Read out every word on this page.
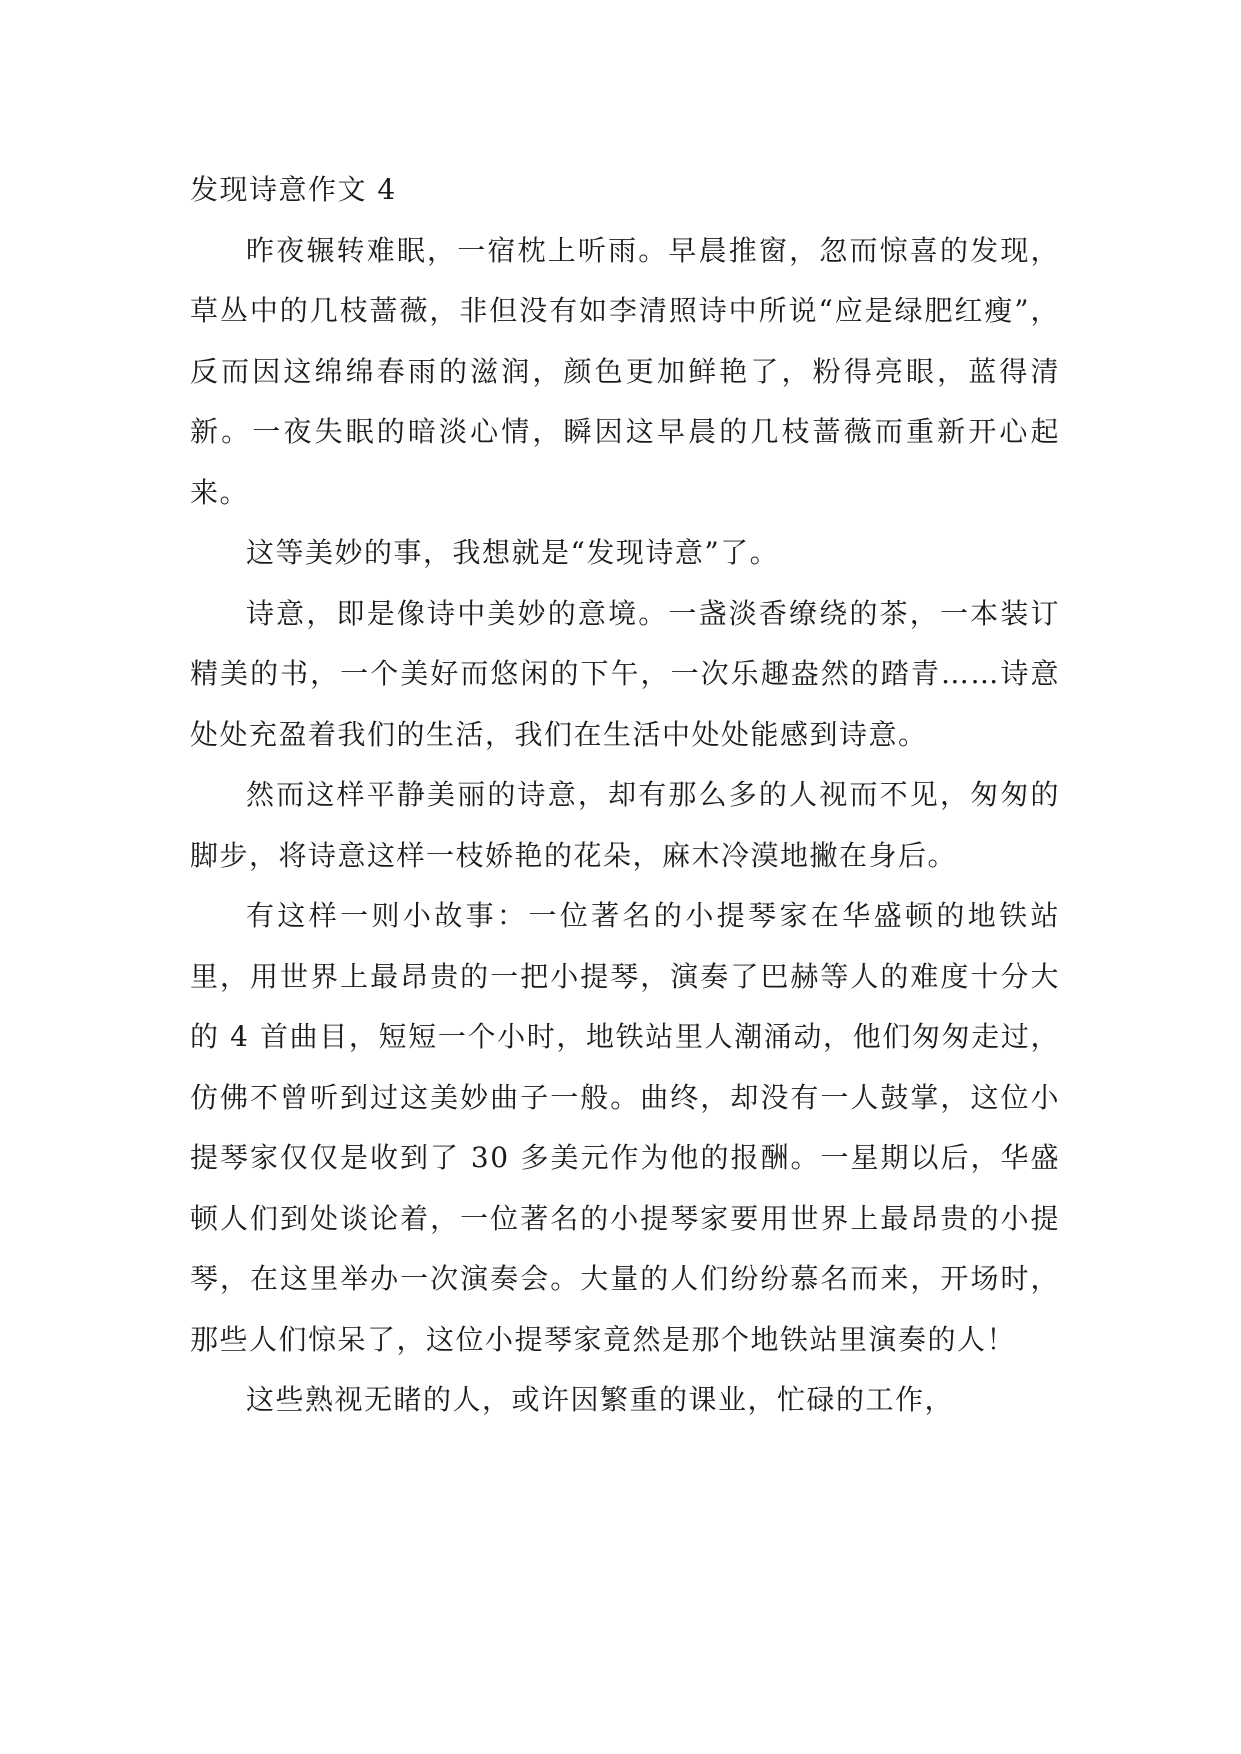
发现诗意作文 4

昨夜辗转难眠，一宿枕上听雨。早晨推窗，忽而惊喜的发现，草丛中的几枝蔷薇，非但没有如李清照诗中所说“应是绿肥红瘦”，反而因这绵绵春雨的滋润，颜色更加鲜艳了，粉得亮眼，蓝得清新。一夜失眠的暗淡心情，瞬因这早晨的几枝蔷薇而重新开心起来。

这等美妙的事，我想就是“发现诗意”了。

诗意，即是像诗中美妙的意境。一盏淡香缭绕的茶，一本装订精美的书，一个美好而悠闲的下午，一次乐趣盎然的踏青……诗意处处充盈着我们的生活，我们在生活中处处能感到诗意。

然而这样平静美丽的诗意，却有那么多的人视而不见，匆匆的脚步，将诗意这样一枝娇艳的花朵，麻木冷漠地撇在身后。

有这样一则小故事：一位著名的小提琴家在华盛顿的地铁站里，用世界上最昂贵的一把小提琴，演奏了巴赫等人的难度十分大的 4 首曲目，短短一个小时，地铁站里人潮涌动，他们匆匆走过，仿佛不曾听到过这美妙曲子一般。曲终，却没有一人鼓掌，这位小提琴家仅仅是收到了 30 多美元作为他的报酬。一星期以后，华盛顿人们到处谈论着，一位著名的小提琴家要用世界上最昂贵的小提琴，在这里举办一次演奏会。大量的人们纷纷慕名而来，开场时，那些人们惊呆了，这位小提琴家竟然是那个地铁站里演奏的人！

这些熟视无睹的人，或许因繁重的课业，忙碌的工作，
